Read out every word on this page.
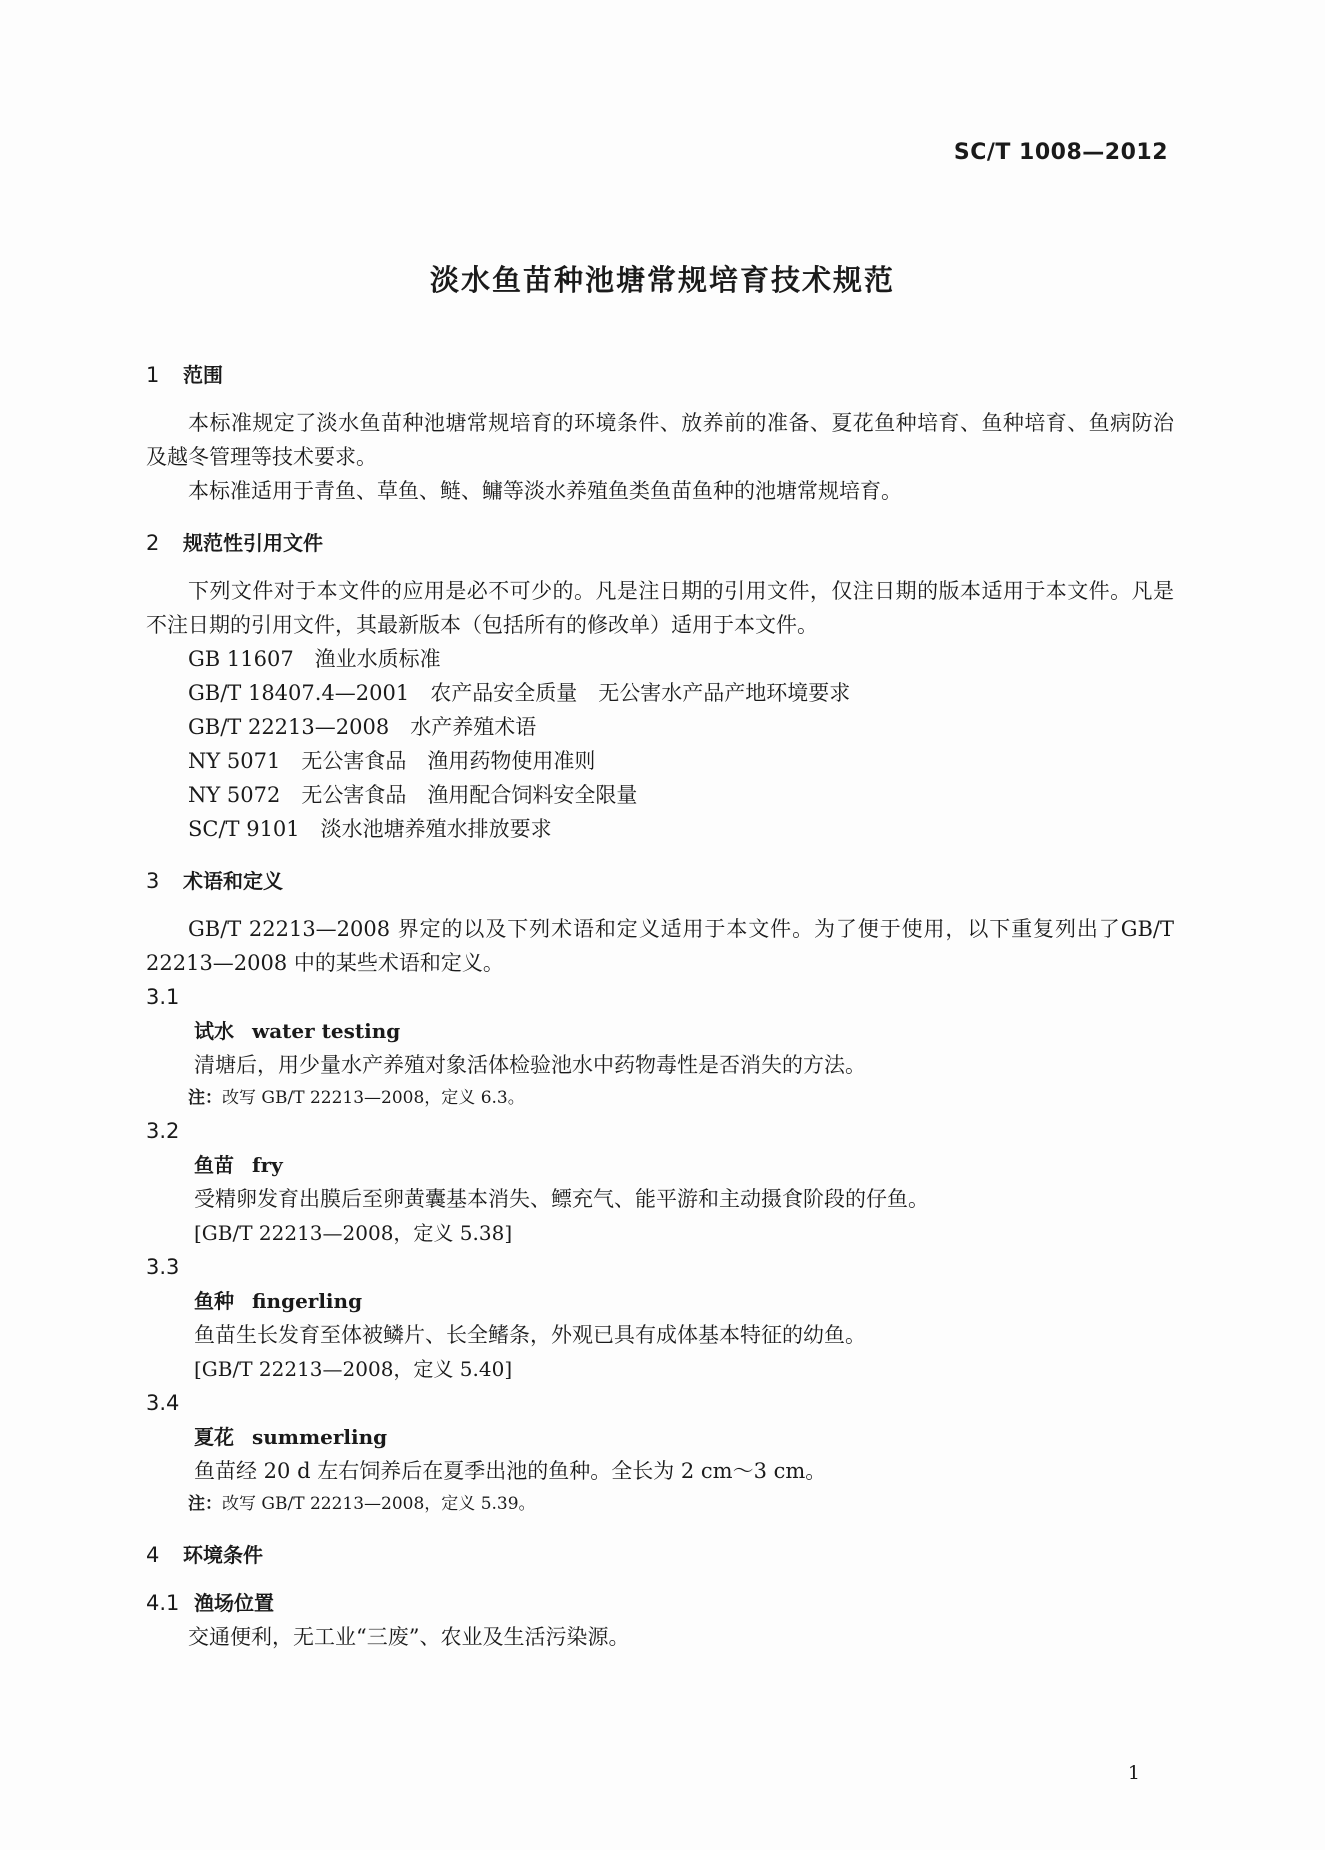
SC/T 1008—2012
淡水鱼苗种池塘常规培育技术规范
1	范围

本标准规定了淡水鱼苗种池塘常规培育的环境条件、放养前的准备、夏花鱼种培育、鱼种培育、鱼病防治及越冬管理等技术要求。

本标准适用于青鱼、草鱼、鲢、鳙等淡水养殖鱼类鱼苗鱼种的池塘常规培育。

2	规范性引用文件

下列文件对于本文件的应用是必不可少的。凡是注日期的引用文件，仅注日期的版本适用于本文件。凡是不注日期的引用文件，其最新版本（包括所有的修改单）适用于本文件。

GB 11607　渔业水质标准
GB/T 18407.4—2001　农产品安全质量　无公害水产品产地环境要求
GB/T 22213—2008　水产养殖术语
NY 5071　无公害食品　渔用药物使用准则
NY 5072　无公害食品　渔用配合饲料安全限量
SC/T 9101　淡水池塘养殖水排放要求
3	术语和定义

GB/T 22213—2008 界定的以及下列术语和定义适用于本文件。为了便于使用，以下重复列出了GB/T 22213—2008 中的某些术语和定义。

3.1
试水 water testing
清塘后，用少量水产养殖对象活体检验池水中药物毒性是否消失的方法。
注：改写 GB/T 22213—2008，定义 6.3。
3.2
鱼苗 fry
受精卵发育出膜后至卵黄囊基本消失、鳔充气、能平游和主动摄食阶段的仔鱼。
[GB/T 22213—2008，定义 5.38]
3.3
鱼种 fingerling
鱼苗生长发育至体被鳞片、长全鳍条，外观已具有成体基本特征的幼鱼。
[GB/T 22213—2008，定义 5.40]
3.4
夏花 summerling
鱼苗经 20 d 左右饲养后在夏季出池的鱼种。全长为 2 cm～3 cm。
注：改写 GB/T 22213—2008，定义 5.39。
4	环境条件
4.1 渔场位置

交通便利，无工业“三废”、农业及生活污染源。

1
